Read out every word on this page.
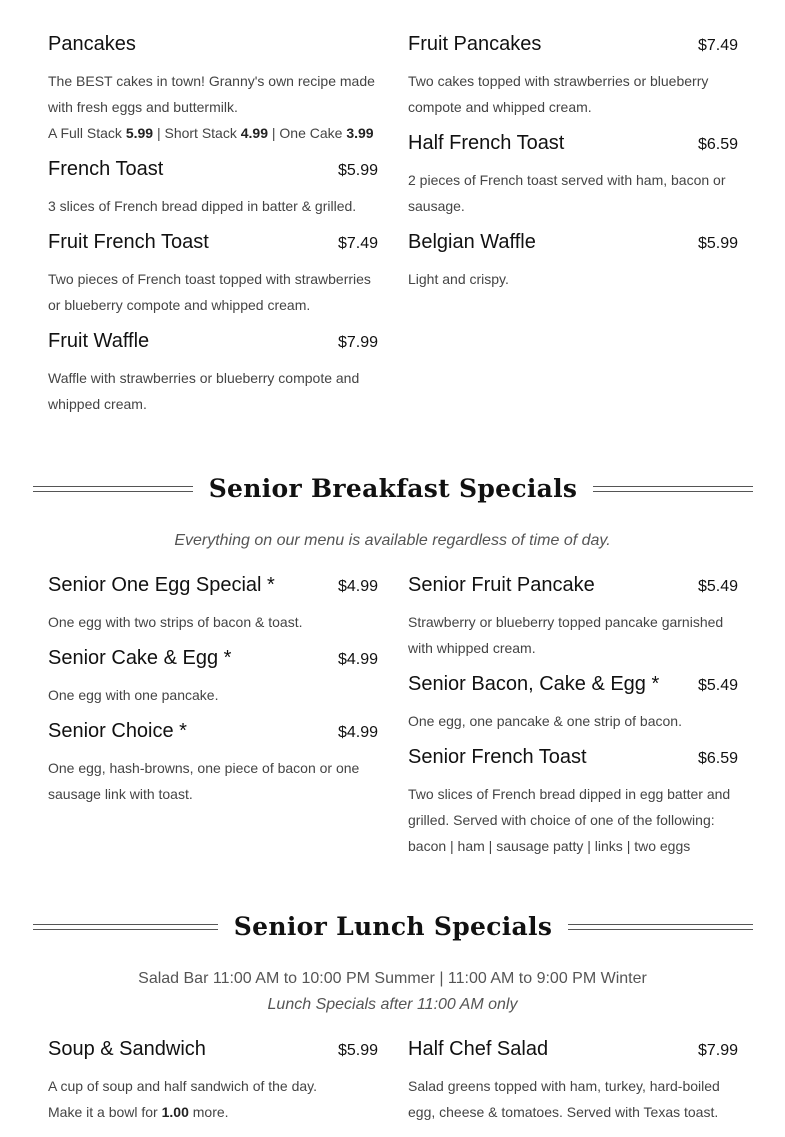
Pancakes
The BEST cakes in town! Granny's own recipe made with fresh eggs and buttermilk.
A Full Stack 5.99 | Short Stack 4.99 | One Cake 3.99
French Toast	$5.99
3 slices of French bread dipped in batter & grilled.
Fruit French Toast	$7.49
Two pieces of French toast topped with strawberries or blueberry compote and whipped cream.
Fruit Waffle	$7.99
Waffle with strawberries or blueberry compote and whipped cream.
Fruit Pancakes	$7.49
Two cakes topped with strawberries or blueberry compote and whipped cream.
Half French Toast	$6.59
2 pieces of French toast served with ham, bacon or sausage.
Belgian Waffle	$5.99
Light and crispy.
Senior Breakfast Specials
Everything on our menu is available regardless of time of day.
Senior One Egg Special *	$4.99
One egg with two strips of bacon & toast.
Senior Cake & Egg *	$4.99
One egg with one pancake.
Senior Choice *	$4.99
One egg, hash-browns, one piece of bacon or one sausage link with toast.
Senior Fruit Pancake	$5.49
Strawberry or blueberry topped pancake garnished with whipped cream.
Senior Bacon, Cake & Egg * $5.49
One egg, one pancake & one strip of bacon.
Senior French Toast	$6.59
Two slices of French bread dipped in egg batter and grilled. Served with choice of one of the following: bacon | ham | sausage patty | links | two eggs
Senior Lunch Specials
Salad Bar 11:00 AM to 10:00 PM Summer | 11:00 AM to 9:00 PM Winter
Lunch Specials after 11:00 AM only
Soup & Sandwich	$5.99
A cup of soup and half sandwich of the day.
Make it a bowl for 1.00 more.
Half Chef Salad	$7.99
Salad greens topped with ham, turkey, hard-boiled egg, cheese & tomatoes. Served with Texas toast.
